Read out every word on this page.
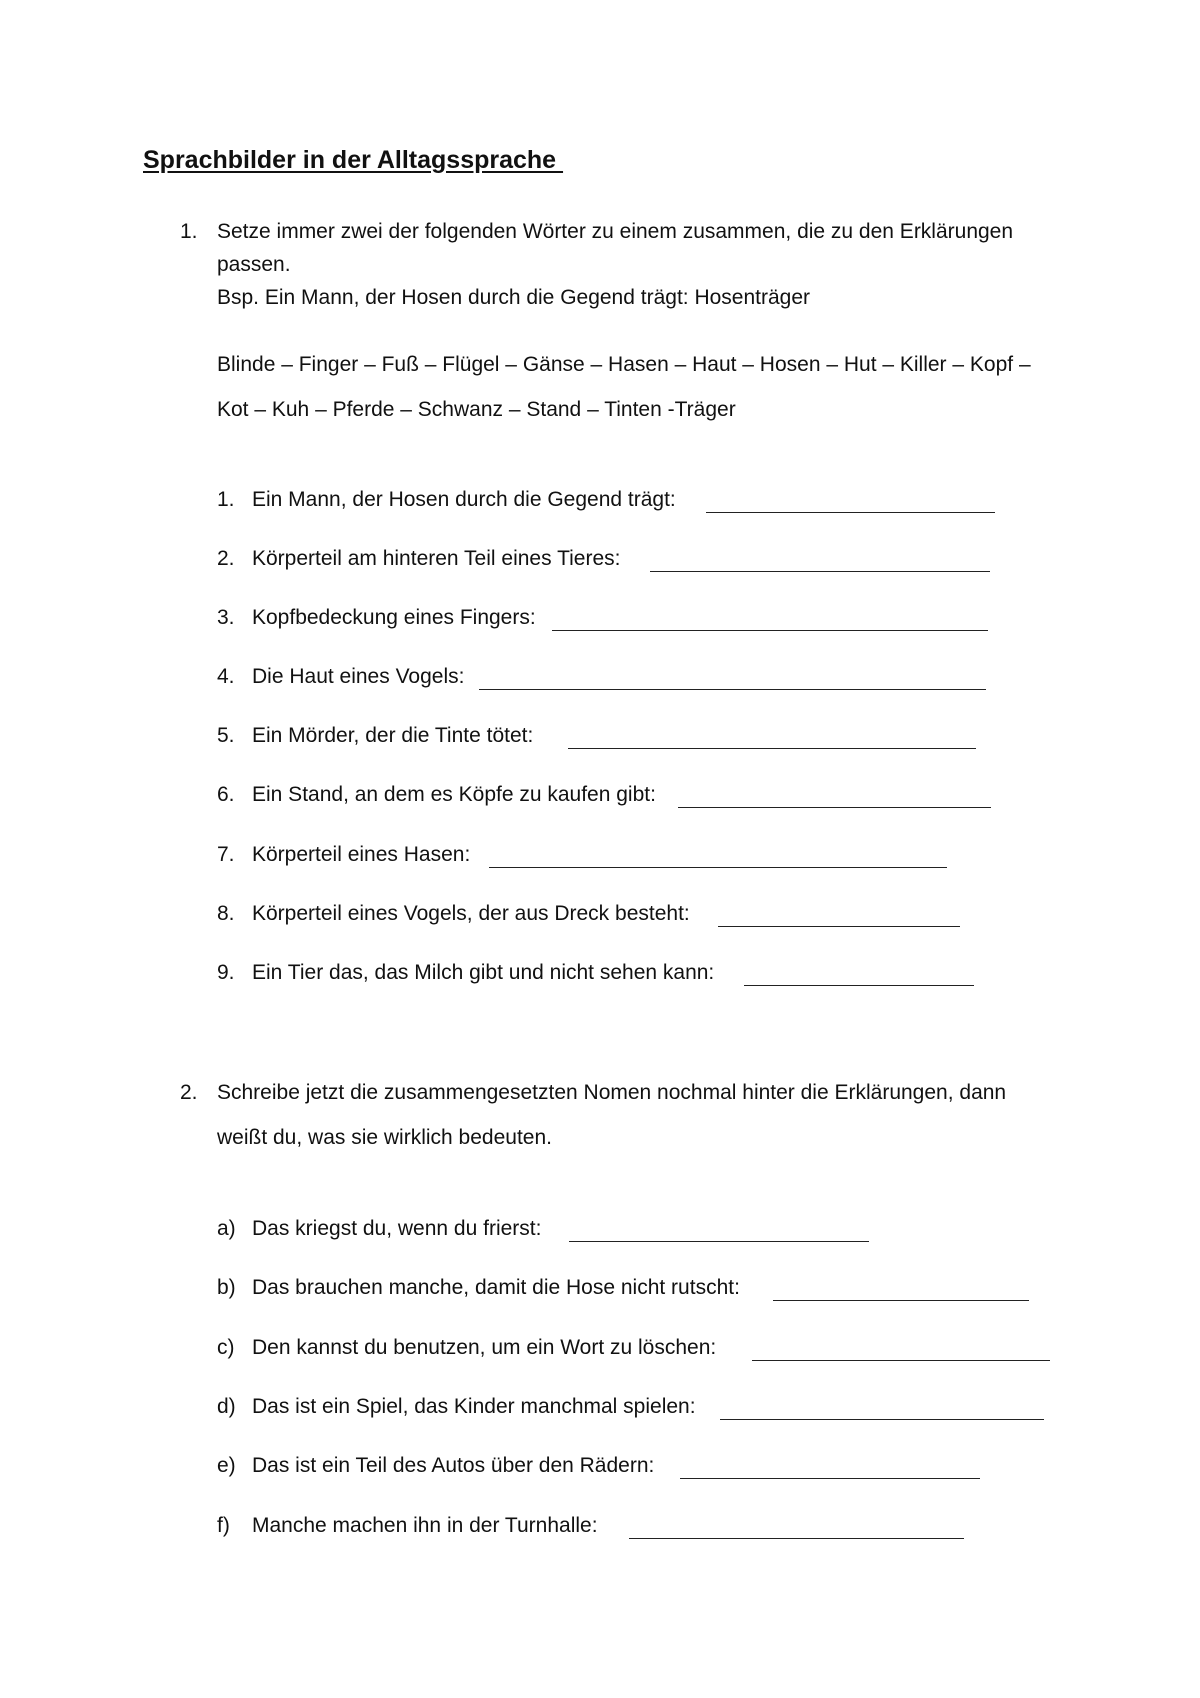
Sprachbilder in der Alltagssprache
1. Setze immer zwei der folgenden Wörter zu einem zusammen, die zu den Erklärungen
passen.
Bsp. Ein Mann, der Hosen durch die Gegend trägt: Hosenträger
Blinde – Finger – Fuß – Flügel – Gänse – Hasen – Haut – Hosen – Hut – Killer – Kopf –
Kot – Kuh – Pferde – Schwanz – Stand – Tinten -Träger
1. Ein Mann, der Hosen durch die Gegend trägt:
2. Körperteil am hinteren Teil eines Tieres:
3. Kopfbedeckung eines Fingers:
4. Die Haut eines Vogels:
5. Ein Mörder, der die Tinte tötet:
6. Ein Stand, an dem es Köpfe zu kaufen gibt:
7. Körperteil eines Hasen:
8. Körperteil eines Vogels, der aus Dreck besteht:
9. Ein Tier das, das Milch gibt und nicht sehen kann:
2. Schreibe jetzt die zusammengesetzten Nomen nochmal hinter die Erklärungen, dann
weißt du, was sie wirklich bedeuten.
a) Das kriegst du, wenn du frierst:
b) Das brauchen manche, damit die Hose nicht rutscht:
c) Den kannst du benutzen, um ein Wort zu löschen:
d) Das ist ein Spiel, das Kinder manchmal spielen:
e) Das ist ein Teil des Autos über den Rädern:
f) Manche machen ihn in der Turnhalle:
